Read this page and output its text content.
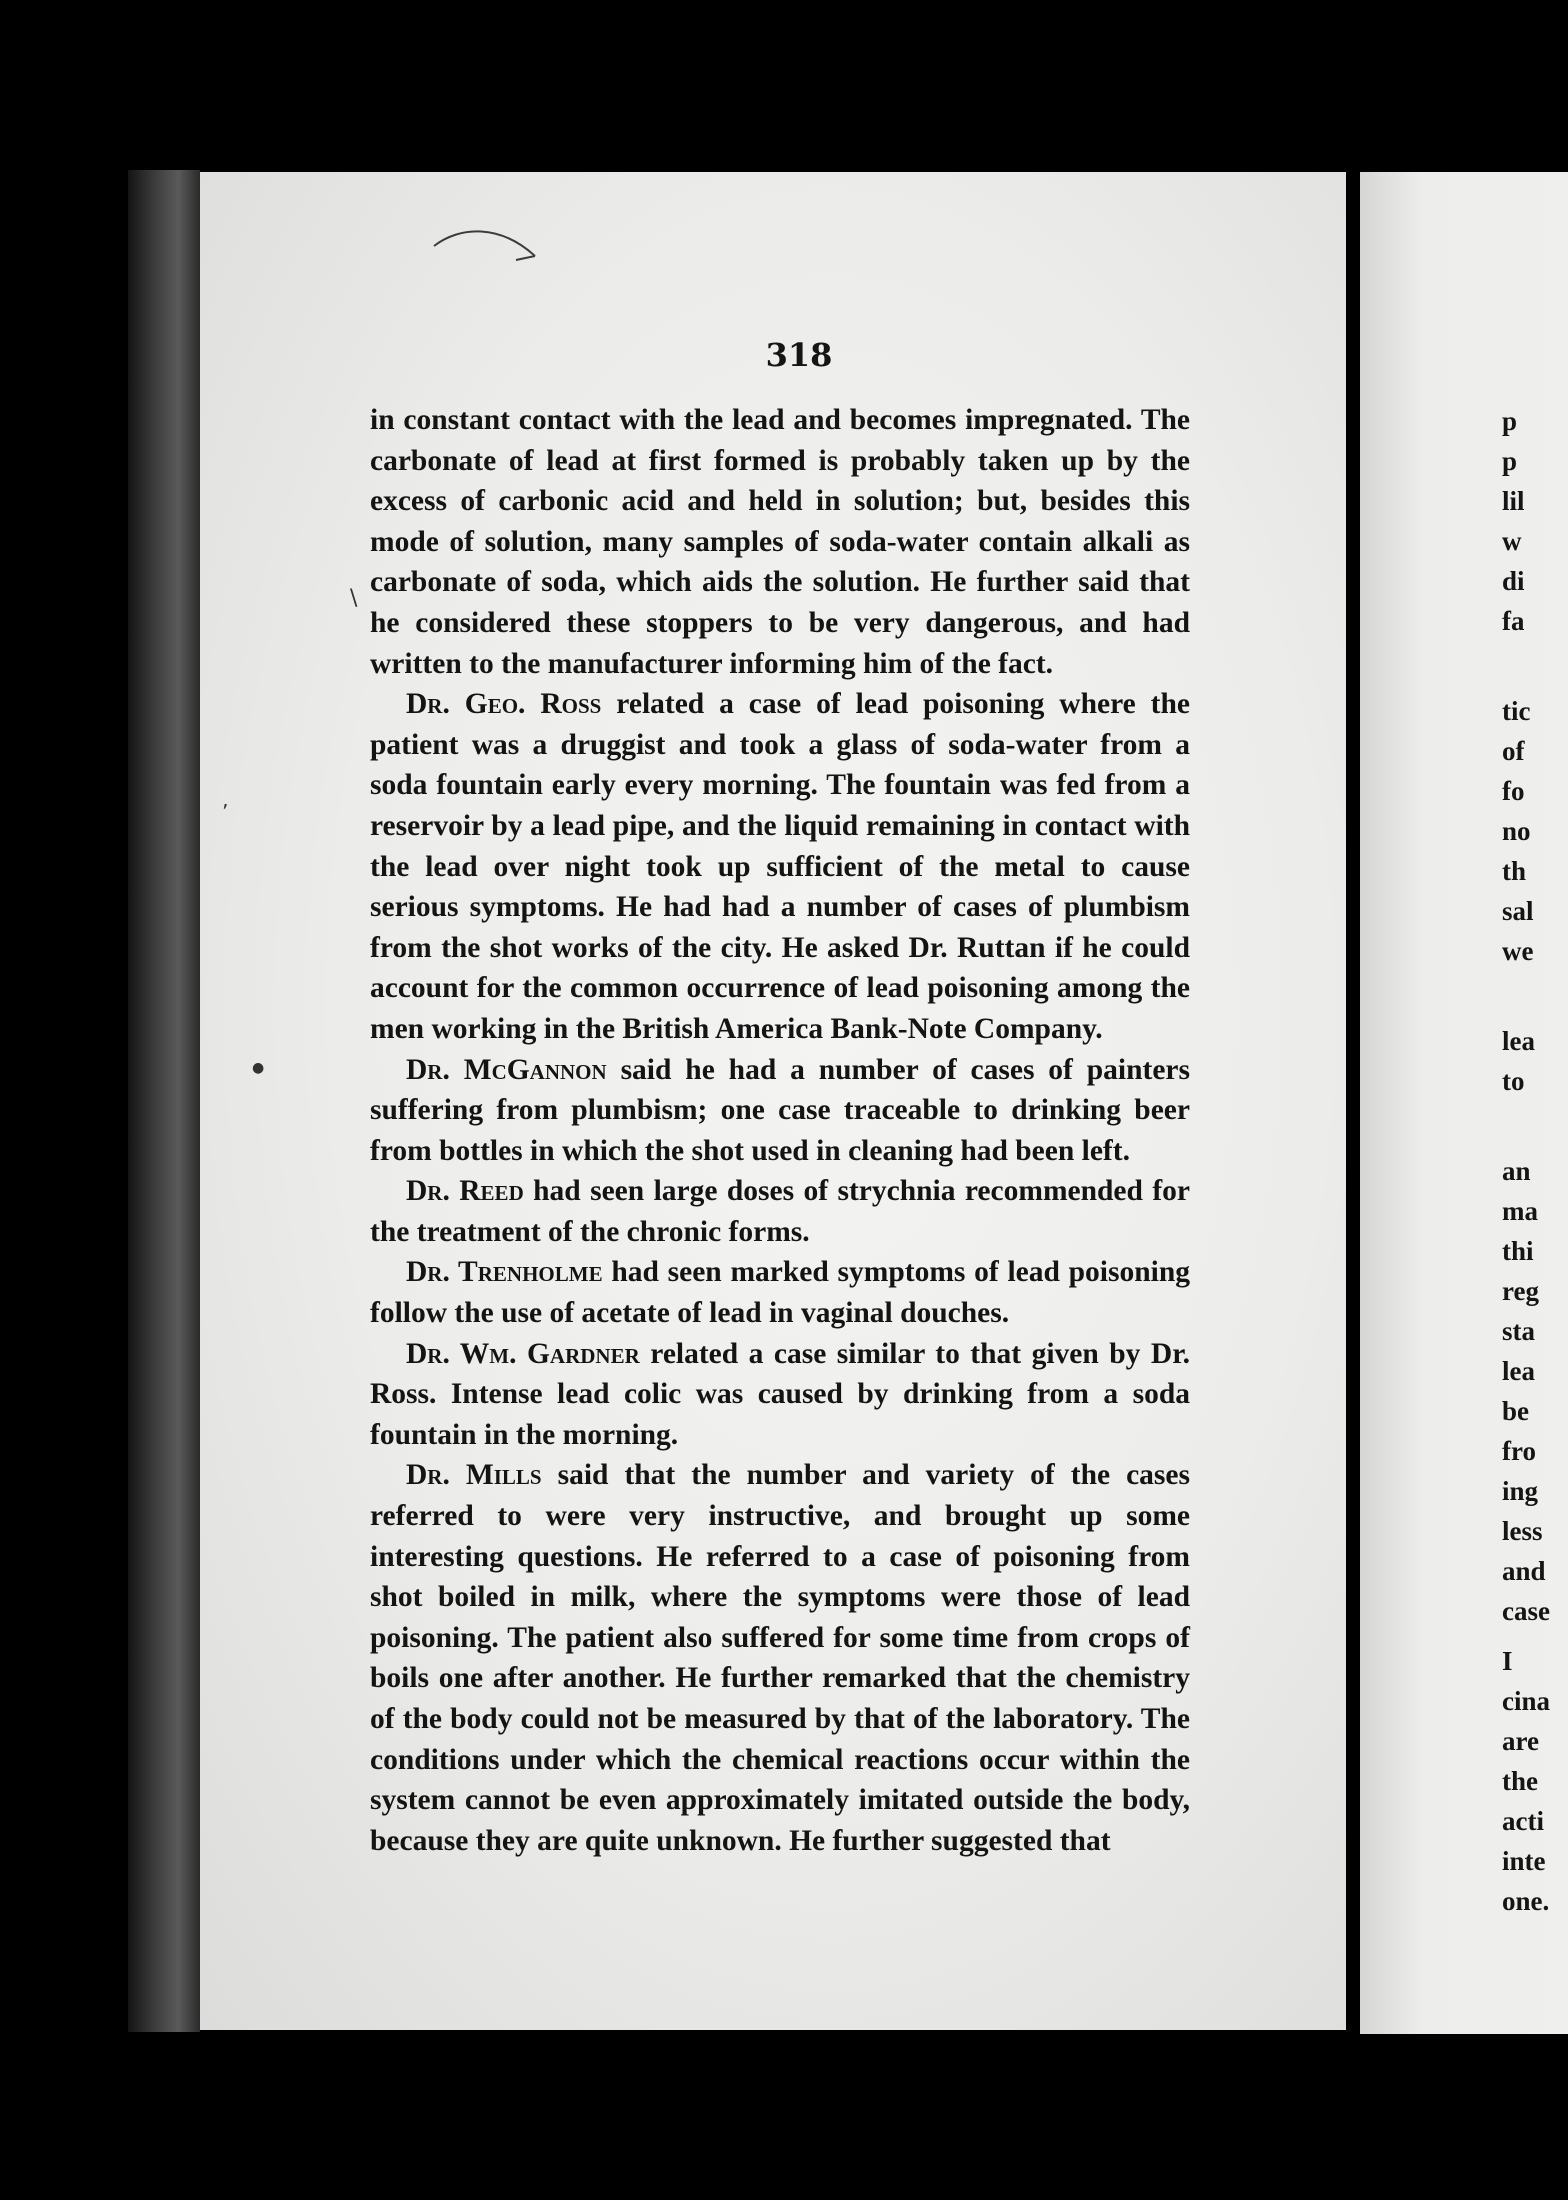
\
’
●
318

in constant contact with the lead and becomes impregnated. The carbonate of lead at first formed is probably taken up by the excess of carbonic acid and held in solution; but, besides this mode of solution, many samples of soda-water contain alkali as carbonate of soda, which aids the solution. He further said that he considered these stoppers to be very dangerous, and had written to the manufacturer informing him of the fact.

Dr. Geo. Ross related a case of lead poisoning where the patient was a druggist and took a glass of soda-water from a soda fountain early every morning. The fountain was fed from a reservoir by a lead pipe, and the liquid remaining in contact with the lead over night took up sufficient of the metal to cause serious symptoms. He had had a number of cases of plumbism from the shot works of the city. He asked Dr. Ruttan if he could account for the common occurrence of lead poisoning among the men working in the British America Bank-Note Company.

Dr. McGannon said he had a number of cases of painters suffering from plumbism; one case traceable to drinking beer from bottles in which the shot used in cleaning had been left.

Dr. Reed had seen large doses of strychnia recommended for the treatment of the chronic forms.

Dr. Trenholme had seen marked symptoms of lead poisoning follow the use of acetate of lead in vaginal douches.

Dr. Wm. Gardner related a case similar to that given by Dr. Ross. Intense lead colic was caused by drinking from a soda fountain in the morning.

Dr. Mills said that the number and variety of the cases referred to were very instructive, and brought up some interesting questions. He referred to a case of poisoning from shot boiled in milk, where the symptoms were those of lead poisoning. The patient also suffered for some time from crops of boils one after another. He further remarked that the chemistry of the body could not be measured by that of the laboratory. The conditions under which the chemical reactions occur within the system cannot be even approximately imitated outside the body, because they are quite unknown. He further suggested that

p
p
lil
w
di
fa
tic
of
fo
no
th
sal
we
lea
to
an
ma
thi
reg
sta
lea
be
fro
ing
less
and
case
I
cina
are
the
acti
inte
one.
